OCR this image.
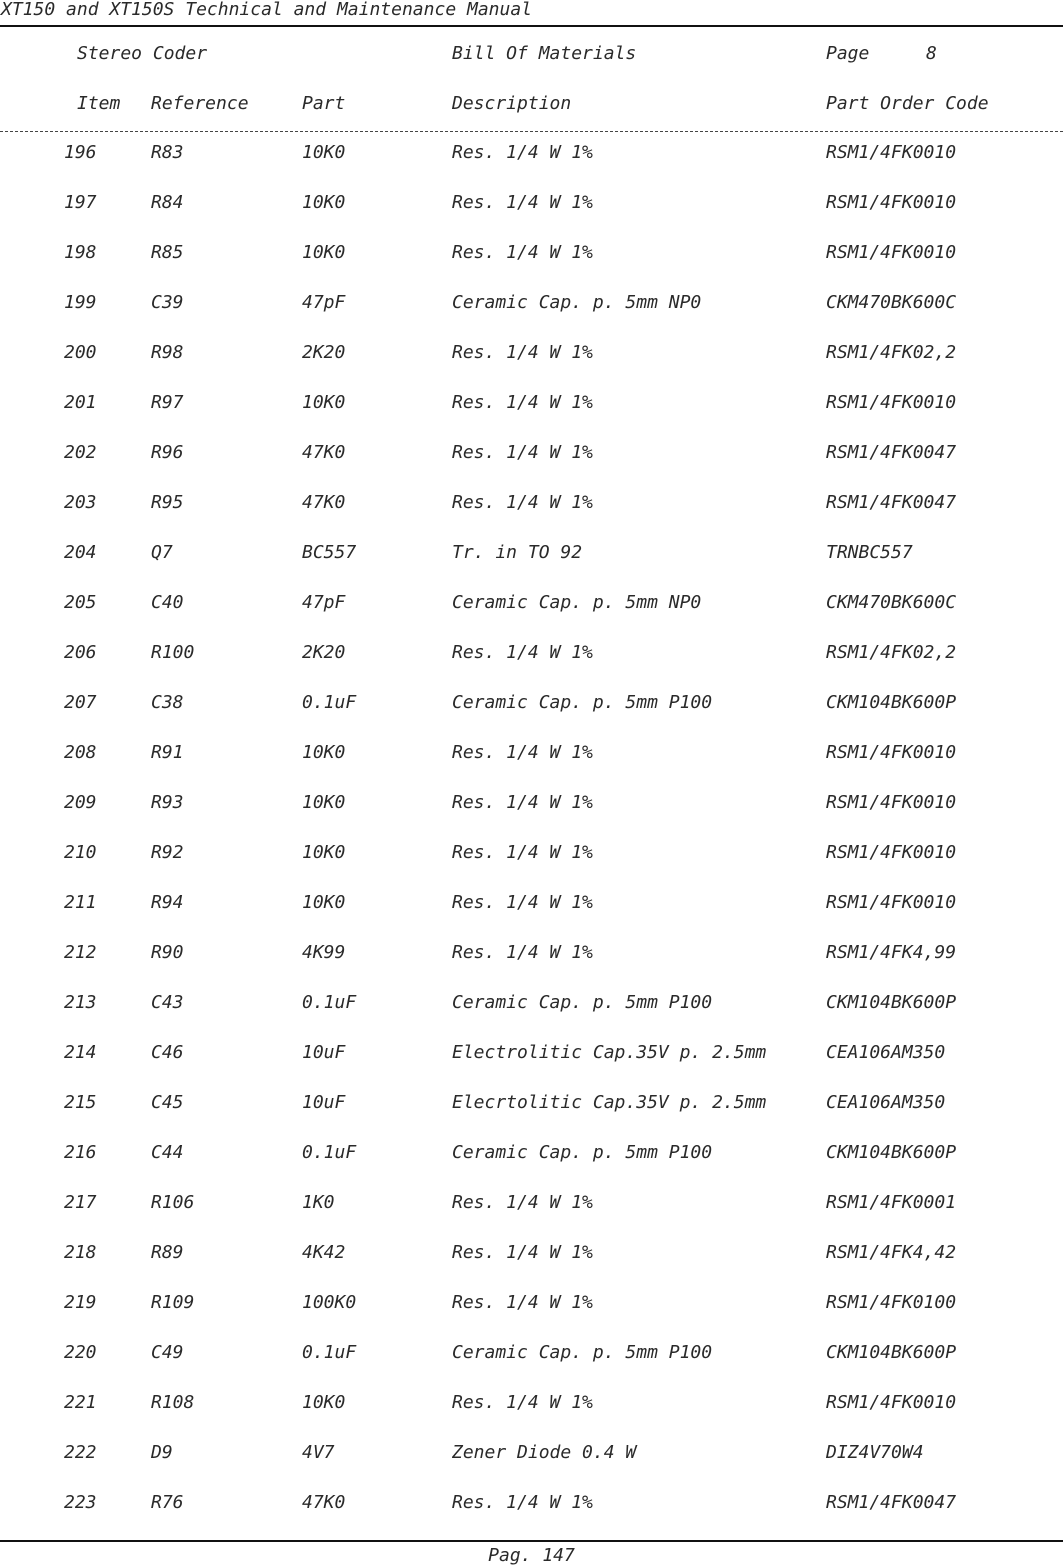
XT150 and XT150S Technical and Maintenance Manual
Stereo Coder	Bill Of Materials	Page	8
Item Reference	Part	Description	Part Order Code
196	R83	10K0	Res. 1/4 W 1%	RSM1/4FK0010
197	R84	10K0	Res. 1/4 W 1%	RSM1/4FK0010
198	R85	10K0	Res. 1/4 W 1%	RSM1/4FK0010
199	C39	47pF	Ceramic Cap. p. 5mm NP0	CKM470BK600C
200	R98	2K20	Res. 1/4 W 1%	RSM1/4FK02,2
201	R97	10K0	Res. 1/4 W 1%	RSM1/4FK0010
202	R96	47K0	Res. 1/4 W 1%	RSM1/4FK0047
203	R95	47K0	Res. 1/4 W 1%	RSM1/4FK0047
204	Q7	BC557	Tr. in TO 92	TRNBC557
205	C40	47pF	Ceramic Cap. p. 5mm NP0	CKM470BK600C
206	R100	2K20	Res. 1/4 W 1%	RSM1/4FK02,2
207	C38	0.1uF	Ceramic Cap. p. 5mm P100	CKM104BK600P
208	R91	10K0	Res. 1/4 W 1%	RSM1/4FK0010
209	R93	10K0	Res. 1/4 W 1%	RSM1/4FK0010
210	R92	10K0	Res. 1/4 W 1%	RSM1/4FK0010
211	R94	10K0	Res. 1/4 W 1%	RSM1/4FK0010
212	R90	4K99	Res. 1/4 W 1%	RSM1/4FK4,99
213	C43	0.1uF	Ceramic Cap. p. 5mm P100	CKM104BK600P
214	C46	10uF	Electrolitic Cap.35V p. 2.5mm	CEA106AM350
215	C45	10uF	Elecrtolitic Cap.35V p. 2.5mm	CEA106AM350
216	C44	0.1uF	Ceramic Cap. p. 5mm P100	CKM104BK600P
217	R106	1K0	Res. 1/4 W 1%	RSM1/4FK0001
218	R89	4K42	Res. 1/4 W 1%	RSM1/4FK4,42
219	R109	100K0	Res. 1/4 W 1%	RSM1/4FK0100
220	C49	0.1uF	Ceramic Cap. p. 5mm P100	CKM104BK600P
221	R108	10K0	Res. 1/4 W 1%	RSM1/4FK0010
222	D9	4V7	Zener Diode 0.4 W	DIZ4V70W4
223	R76	47K0	Res. 1/4 W 1%	RSM1/4FK0047
Pag. 147
